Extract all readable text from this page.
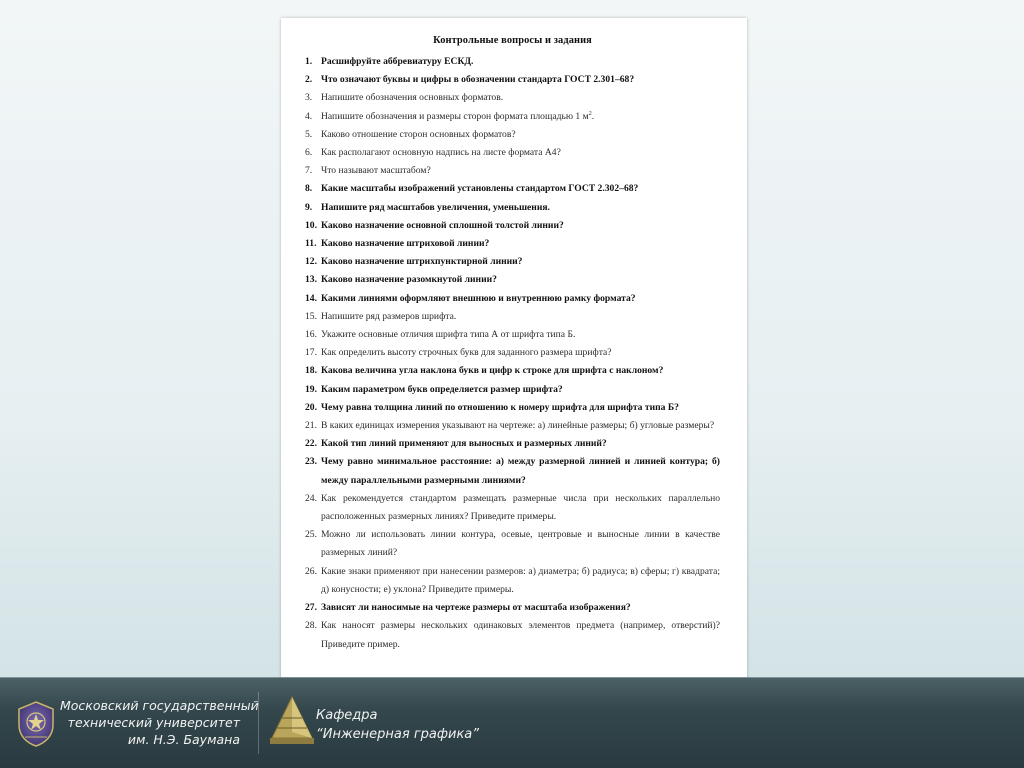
Контрольные вопросы и задания
1. Расшифруйте аббревиатуру ЕСКД.
2. Что означают буквы и цифры в обозначении стандарта ГОСТ 2.301–68?
3. Напишите обозначения основных форматов.
4. Напишите обозначения и размеры сторон формата площадью 1 $м^2$.
5. Каково отношение сторон основных форматов?
6. Как располагают основную надпись на листе формата А4?
7. Что называют масштабом?
8. Какие масштабы изображений установлены стандартом ГОСТ 2.302–68?
9. Напишите ряд масштабов увеличения, уменьшения.
10. Каково назначение основной сплошной толстой линии?
11. Каково назначение штриховой линии?
12. Каково назначение штрихпунктирной линии?
13. Каково назначение разомкнутой линии?
14. Какими линиями оформляют внешнюю и внутреннюю рамку формата?
15. Напишите ряд размеров шрифта.
16. Укажите основные отличия шрифта типа А от шрифта типа Б.
17. Как определить высоту строчных букв для заданного размера шрифта?
18. Какова величина угла наклона букв и цифр к строке для шрифта с наклоном?
19. Каким параметром букв определяется размер шрифта?
20. Чему равна толщина линий по отношению к номеру шрифта для шрифта типа Б?
21. В каких единицах измерения указывают на чертеже: а) линейные размеры; б) угловые размеры?
22. Какой тип линий применяют для выносных и размерных линий?
23. Чему равно минимальное расстояние: а) между размерной линией и линией контура; б) между параллельными размерными линиями?
24. Как рекомендуется стандартом размещать размерные числа при нескольких параллельно расположенных размерных линиях? Приведите примеры.
25. Можно ли использовать линии контура, осевые, центровые и выносные линии в качестве размерных линий?
26. Какие знаки применяют при нанесении размеров: а) диаметра; б) радиуса; в) сферы; г) квадрата; д) конусности; е) уклона? Приведите примеры.
27. Зависят ли наносимые на чертеже размеры от масштаба изображения?
28. Как наносят размеры нескольких одинаковых элементов предмета (например, отверстий)? Приведите пример.
Московский государственный
технический университет
им. Н.Э. Баумана
Кафедра
“Инженерная графика”
